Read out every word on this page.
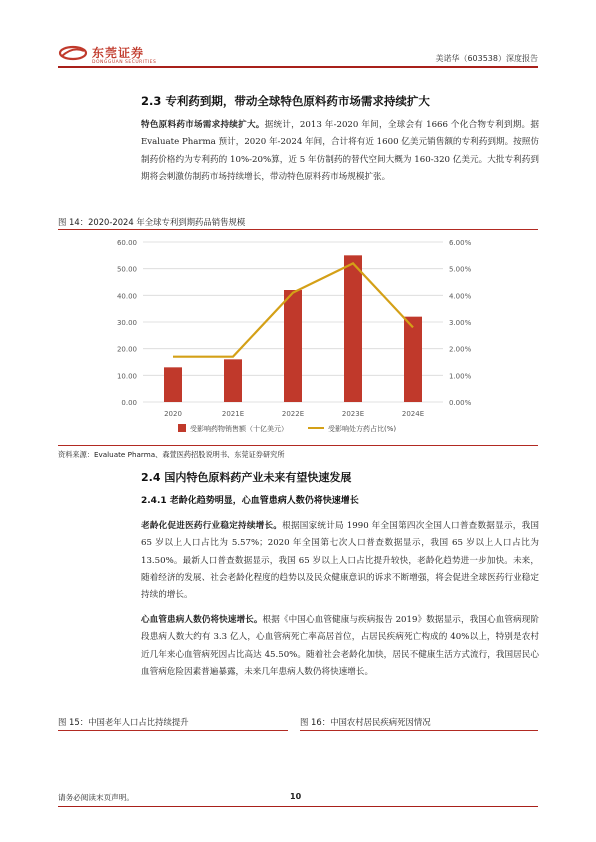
东莞证券
DONGGUAN SECURITIES	美诺华（603538）深度报告
2.3 专利药到期，带动全球特色原料药市场需求持续扩大
特色原料药市场需求持续扩大。据统计，2013 年-2020 年间，全球会有 1666 个化合物专利到期。据 Evaluate Pharma 预计，2020 年-2024 年间，合计将有近 1600 亿美元销售额的专利药到期。按照仿制药价格约为专利药的 10%-20%算，近 5 年仿制药的替代空间大概为 160-320 亿美元。大批专利药到期将会刺激仿制药市场持续增长，带动特色原料药市场规模扩张。
图 14：2020-2024 年全球专利到期药品销售规模
0.00
10.00
20.00
30.00
40.00
50.00
60.00
0.00%
1.00%
2.00%
3.00%
4.00%
5.00%
6.00%
2020	2021E	2022E	2023E	2024E
受影响药物销售额（十亿美元）	受影响处方药占比(%)
资料来源：Evaluate Pharma、森萱医药招股说明书、东莞证券研究所
2.4 国内特色原料药产业未来有望快速发展
2.4.1 老龄化趋势明显，心血管患病人数仍将快速增长
老龄化促进医药行业稳定持续增长。根据国家统计局 1990 年全国第四次全国人口普查数据显示，我国 65 岁以上人口占比为 5.57%；2020 年全国第七次人口普查数据显示，我国 65 岁以上人口占比为 13.50%。最新人口普查数据显示，我国 65 岁以上人口占比提升较快，老龄化趋势进一步加快。未来，随着经济的发展、社会老龄化程度的趋势以及民众健康意识的诉求不断增强，将会促进全球医药行业稳定持续的增长。
心血管患病人数仍将快速增长。根据《中国心血管健康与疾病报告 2019》数据显示，我国心血管病现阶段患病人数大约有 3.3 亿人，心血管病死亡率高居首位，占居民疾病死亡构成的 40%以上，特别是农村近几年来心血管病死因占比高达 45.50%。随着社会老龄化加快，居民不健康生活方式流行，我国居民心血管病危险因素普遍暴露，未来几年患病人数仍将快速增长。
图 15：中国老年人口占比持续提升	图 16：中国农村居民疾病死因情况
请务必阅读末页声明。	10
